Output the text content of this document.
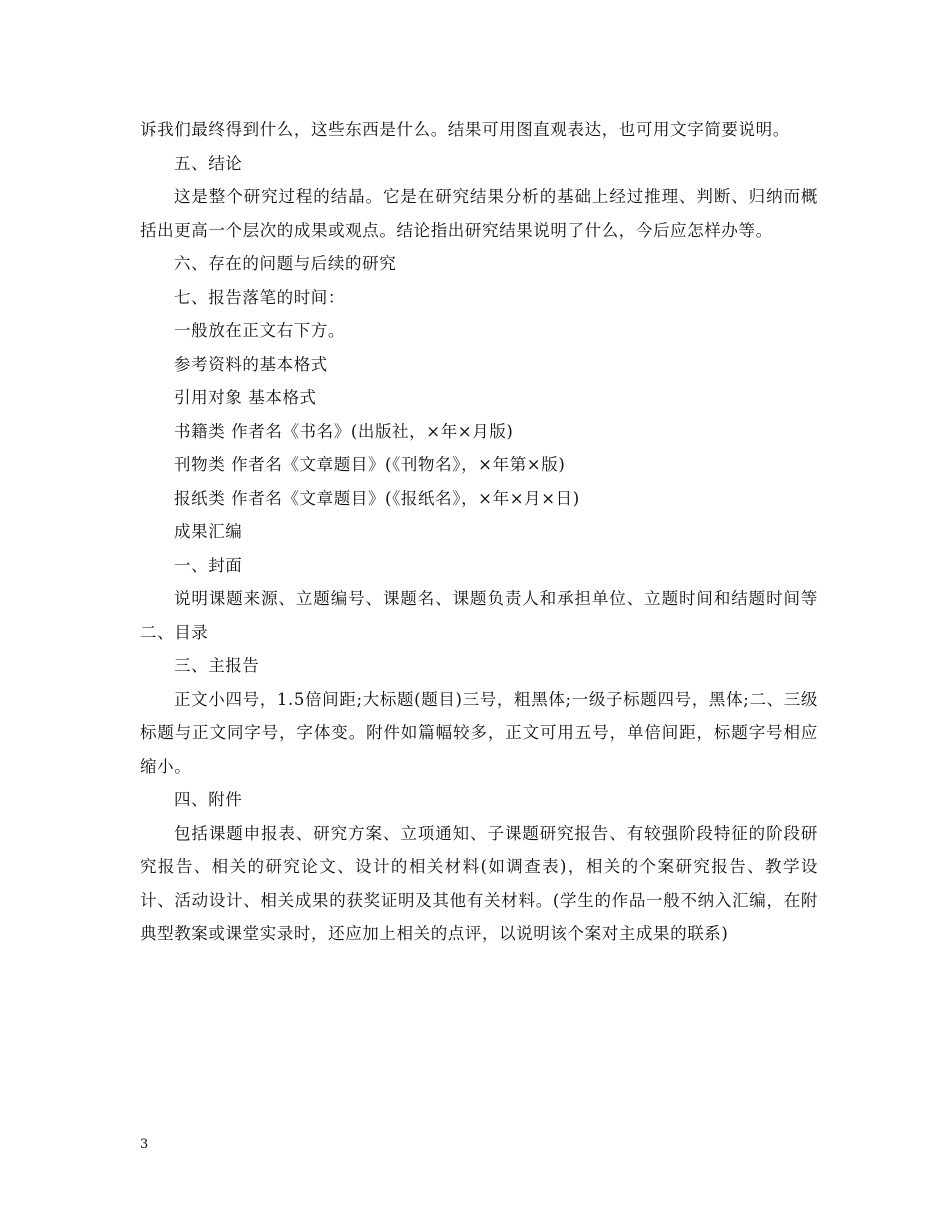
诉我们最终得到什么，这些东西是什么。结果可用图直观表达，也可用文字简要说明。

五、结论

这是整个研究过程的结晶。它是在研究结果分析的基础上经过推理、判断、归纳而概括出更高一个层次的成果或观点。结论指出研究结果说明了什么，今后应怎样办等。

六、存在的问题与后续的研究

七、报告落笔的时间：

一般放在正文右下方。

参考资料的基本格式

引用对象 基本格式

书籍类 作者名《书名》(出版社，×年×月版)

刊物类 作者名《文章题目》(《刊物名》，×年第×版)

报纸类 作者名《文章题目》(《报纸名》，×年×月×日)

成果汇编

一、封面

说明课题来源、立题编号、课题名、课题负责人和承担单位、立题时间和结题时间等二、目录

三、主报告

正文小四号，1.5倍间距;大标题(题目)三号，粗黑体;一级子标题四号，黑体;二、三级标题与正文同字号，字体变。附件如篇幅较多，正文可用五号，单倍间距，标题字号相应缩小。

四、附件

包括课题申报表、研究方案、立项通知、子课题研究报告、有较强阶段特征的阶段研究报告、相关的研究论文、设计的相关材料(如调查表)，相关的个案研究报告、教学设计、活动设计、相关成果的获奖证明及其他有关材料。(学生的作品一般不纳入汇编，在附典型教案或课堂实录时，还应加上相关的点评，以说明该个案对主成果的联系)

3
